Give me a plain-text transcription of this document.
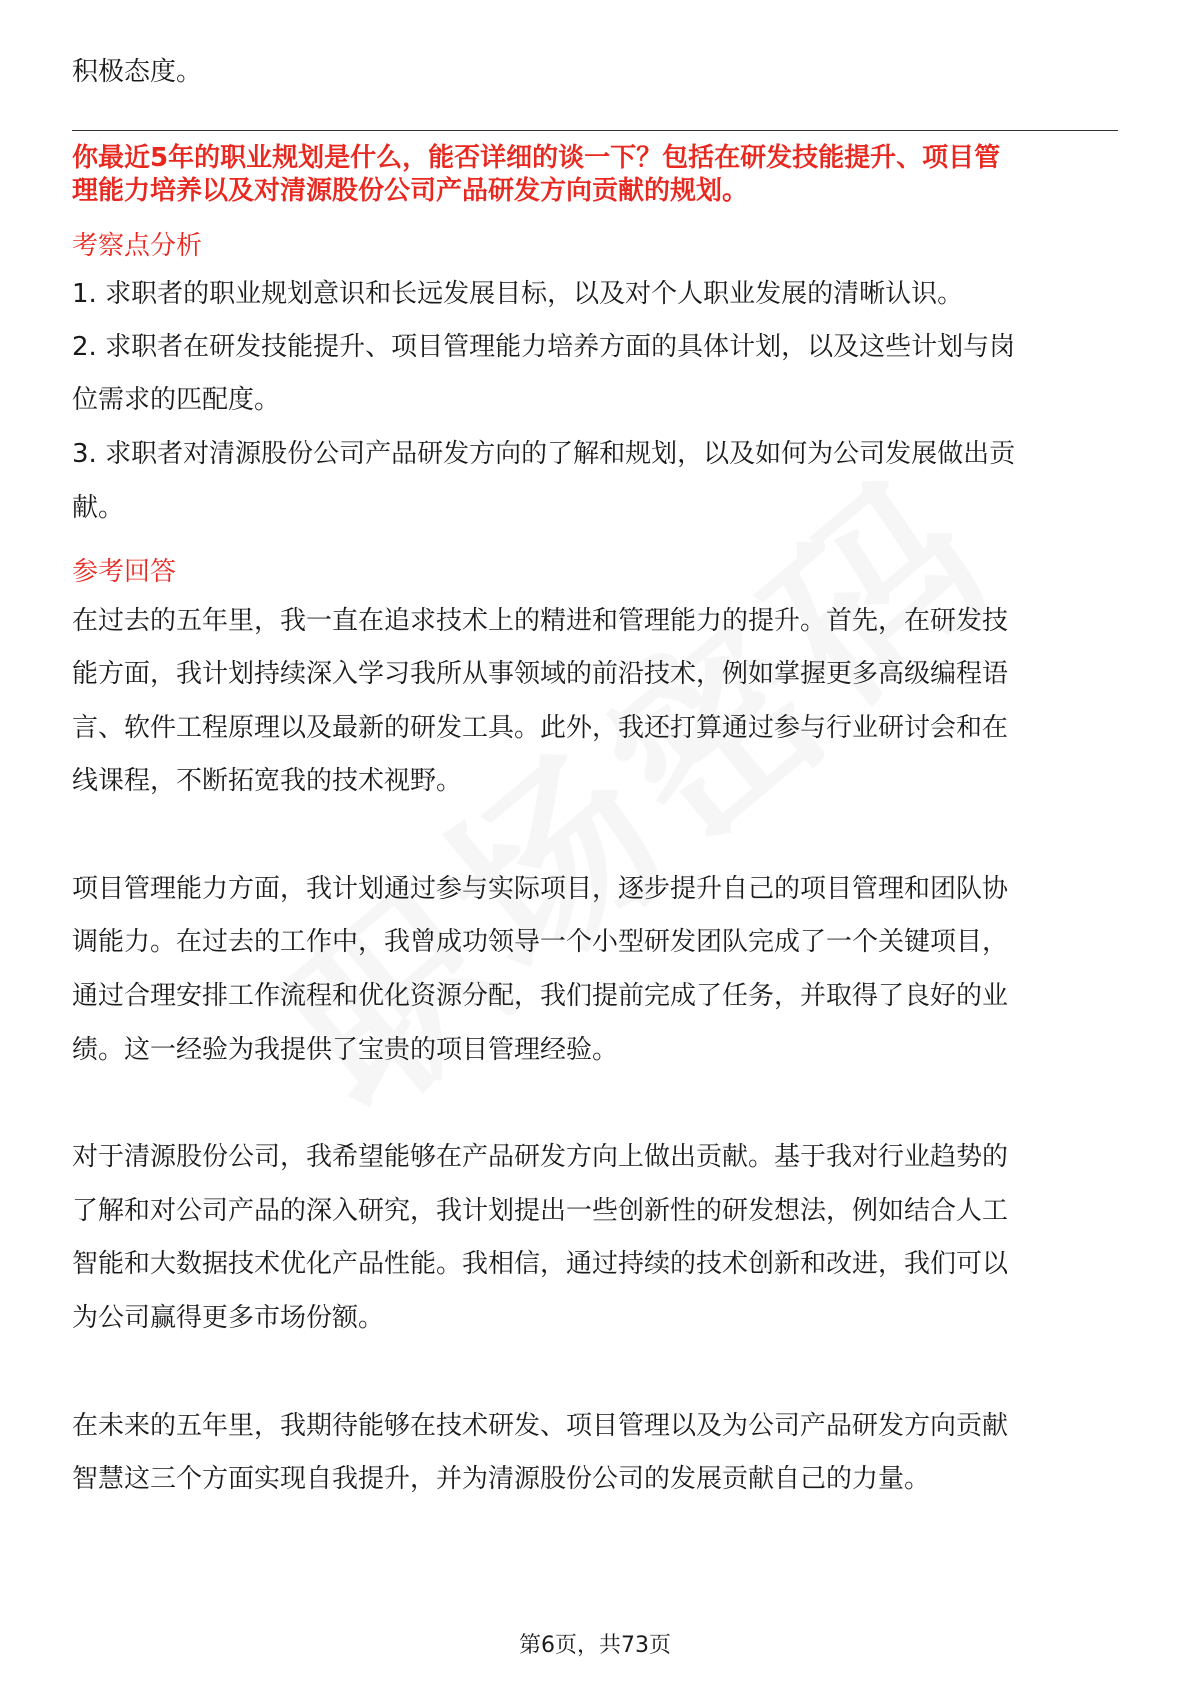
积极态度。
你最近5年的职业规划是什么，能否详细的谈一下？包括在研发技能提升、项目管
理能力培养以及对清源股份公司产品研发方向贡献的规划。
考察点分析
1. 求职者的职业规划意识和长远发展目标，以及对个人职业发展的清晰认识。
2. 求职者在研发技能提升、项目管理能力培养方面的具体计划，以及这些计划与岗
位需求的匹配度。
3. 求职者对清源股份公司产品研发方向的了解和规划，以及如何为公司发展做出贡
献。
参考回答
在过去的五年里，我一直在追求技术上的精进和管理能力的提升。首先，在研发技
能方面，我计划持续深入学习我所从事领域的前沿技术，例如掌握更多高级编程语
言、软件工程原理以及最新的研发工具。此外，我还打算通过参与行业研讨会和在
线课程，不断拓宽我的技术视野。
项目管理能力方面，我计划通过参与实际项目，逐步提升自己的项目管理和团队协
调能力。在过去的工作中，我曾成功领导一个小型研发团队完成了一个关键项目，
通过合理安排工作流程和优化资源分配，我们提前完成了任务，并取得了良好的业
绩。这一经验为我提供了宝贵的项目管理经验。
对于清源股份公司，我希望能够在产品研发方向上做出贡献。基于我对行业趋势的
了解和对公司产品的深入研究，我计划提出一些创新性的研发想法，例如结合人工
智能和大数据技术优化产品性能。我相信，通过持续的技术创新和改进，我们可以
为公司赢得更多市场份额。
在未来的五年里，我期待能够在技术研发、项目管理以及为公司产品研发方向贡献
智慧这三个方面实现自我提升，并为清源股份公司的发展贡献自己的力量。
第6页，共73页
